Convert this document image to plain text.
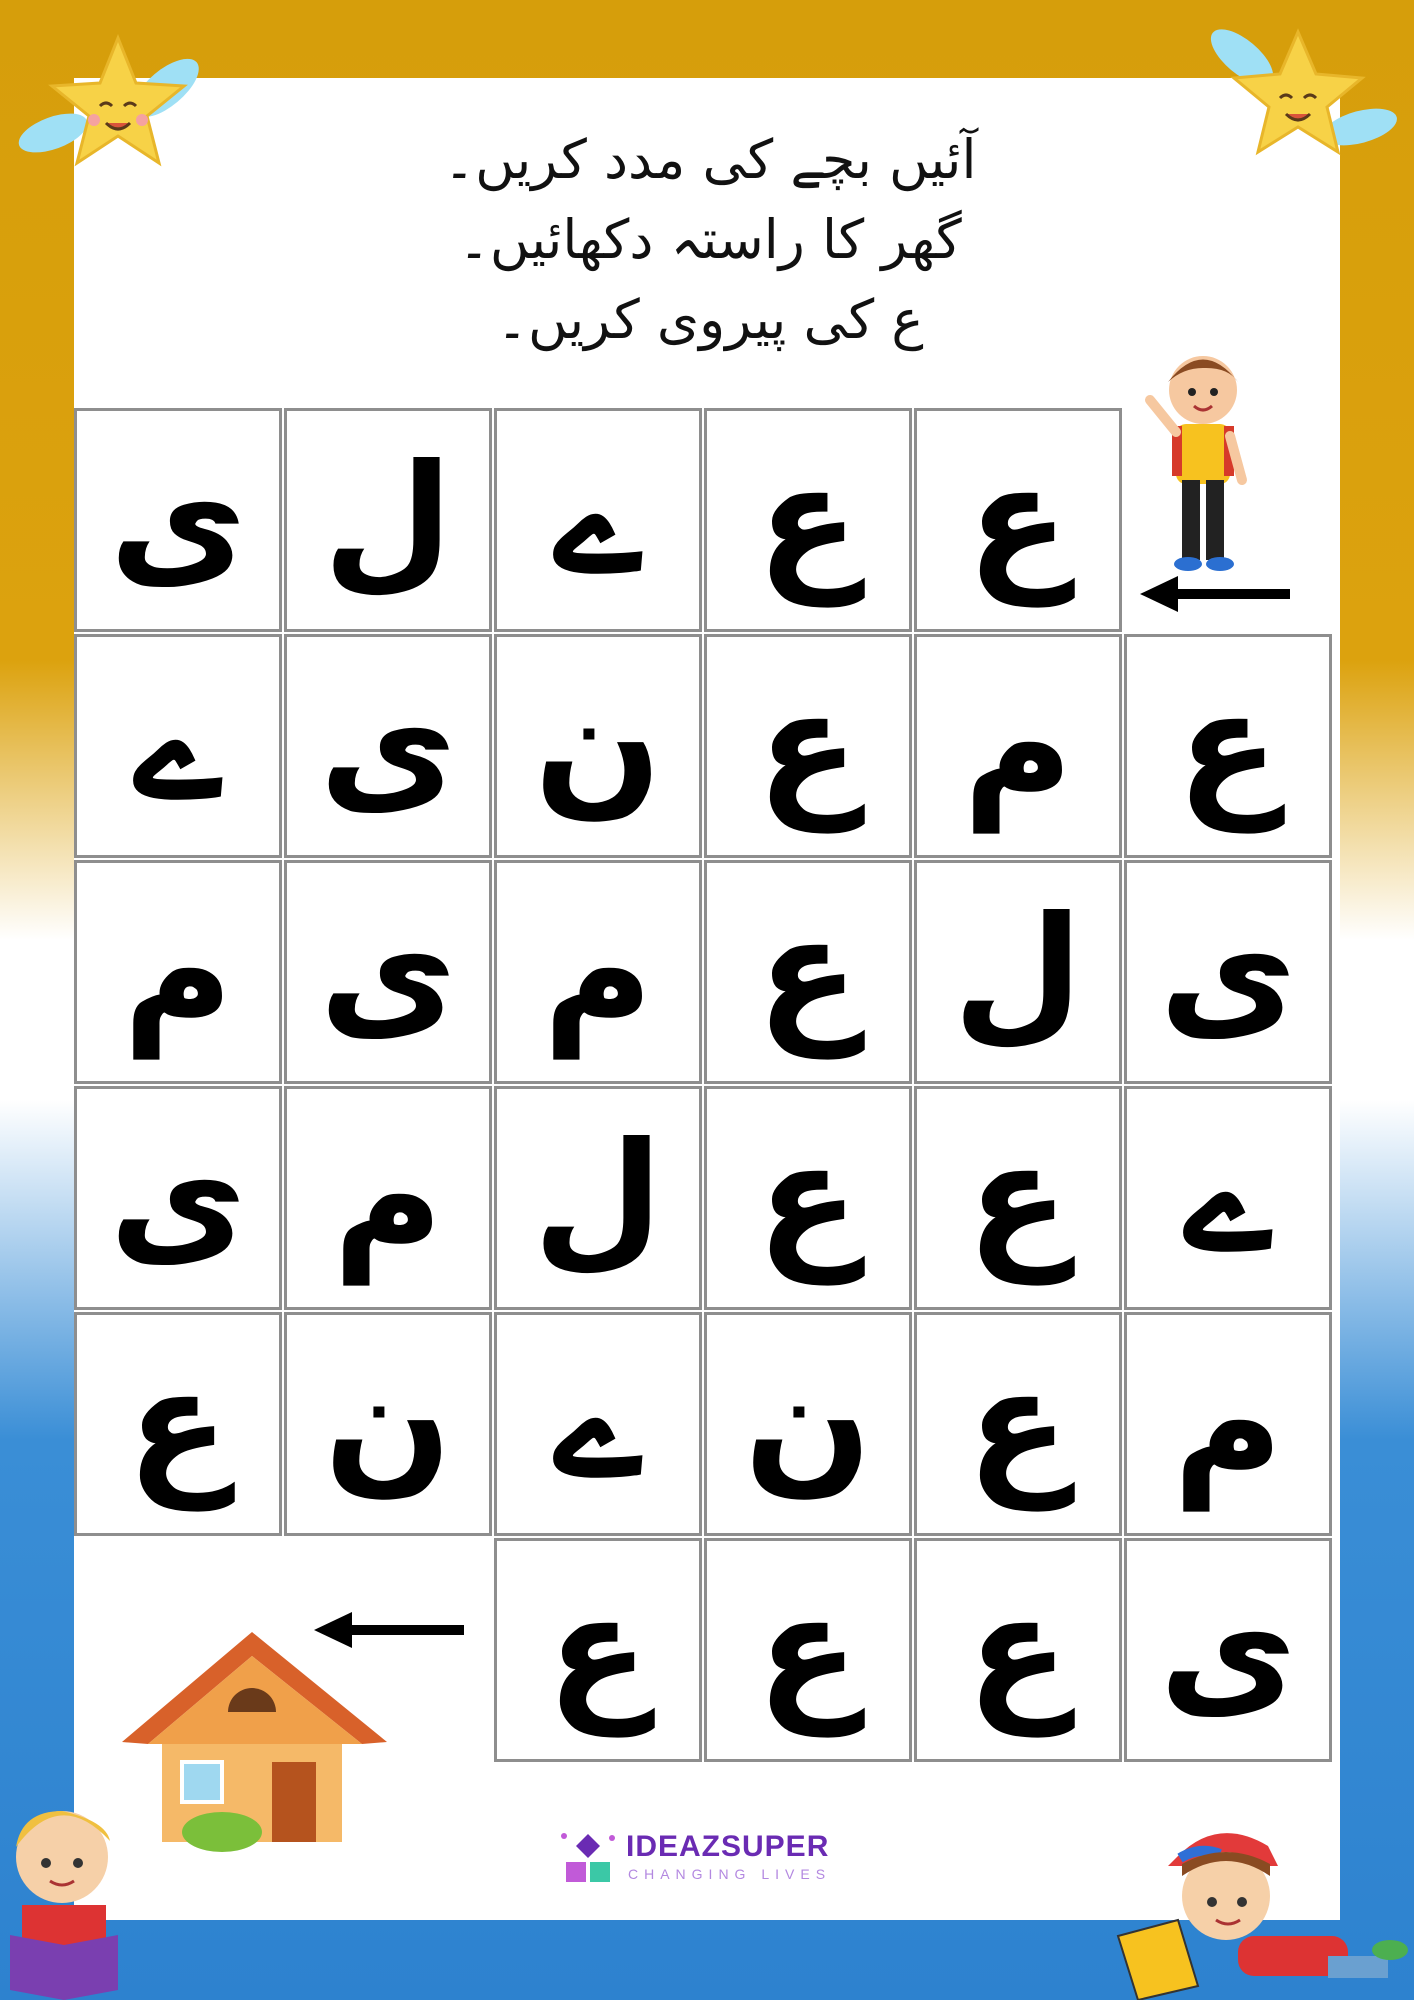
آئیں بچے کی مدد کریں۔
گھر کا راستہ دکھائیں۔
ع کی پیروی کریں۔
ی ل ے ع ع
ے ی ن ع م ع
م ی م ع ل ی
ی م ل ع ع ے
ع ن ے ن ع م
ع ع ع ی
IDEAZSUPER
CHANGING LIVES
